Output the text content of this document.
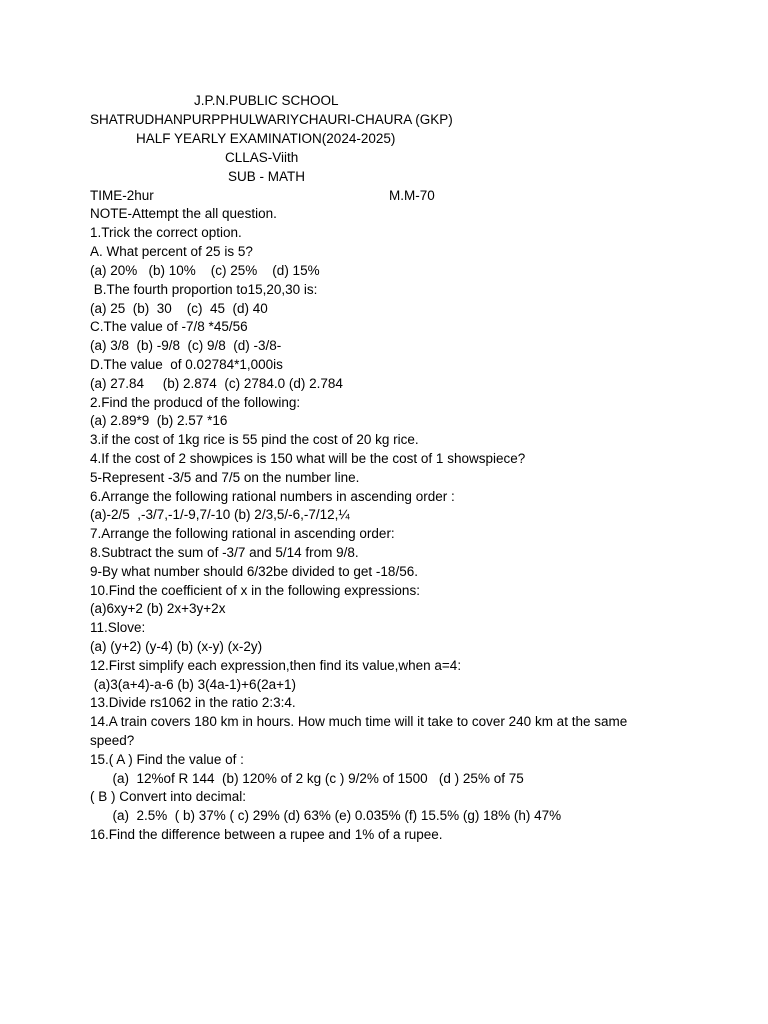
J.P.N.PUBLIC SCHOOL

SHATRUDHANPURPPHULWARIYCHAURI-CHAURA (GKP)

HALF YEARLY EXAMINATION(2024-2025)

CLLAS-Viith

SUB - MATH

TIME-2hur	M.M-70

NOTE-Attempt the all question.

1.Trick the correct option.

A. What percent of 25 is 5?

(a) 20%   (b) 10%    (c) 25%    (d) 15%

B.The fourth proportion to15,20,30 is:

(a) 25  (b)  30    (c)  45  (d) 40

C.The value of -7/8 *45/56

(a) 3/8  (b) -9/8  (c) 9/8  (d) -3/8-

D.The value  of 0.02784*1,000is

(a) 27.84     (b) 2.874  (c) 2784.0 (d) 2.784

2.Find the producd of the following:

(a) 2.89*9  (b) 2.57 *16

3.if the cost of 1kg rice is 55 pind the cost of 20 kg rice.

4.If the cost of 2 showpices is 150 what will be the cost of 1 showspiece?

5-Represent -3/5 and 7/5 on the number line.

6.Arrange the following rational numbers in ascending order :

(a)-2/5  ,-3/7,-1/-9,7/-10 (b) 2/3,5/-6,-7/12,¼

7.Arrange the following rational in ascending order:

8.Subtract the sum of -3/7 and 5/14 from 9/8.

9-By what number should 6/32be divided to get -18/56.

10.Find the coefficient of x in the following expressions:

(a)6xy+2 (b) 2x+3y+2x

11.Slove:

(a) (y+2) (y-4) (b) (x-y) (x-2y)

12.First simplify each expression,then find its value,when a=4:

(a)3(a+4)-a-6 (b) 3(4a-1)+6(2a+1)

13.Divide rs1062 in the ratio 2:3:4.

14.A train covers 180 km in hours. How much time will it take to cover 240 km at the same

speed?

15.( A ) Find the value of :

(a)  12%of R 144  (b) 120% of 2 kg (c ) 9/2% of 1500   (d ) 25% of 75

( B ) Convert into decimal:

(a)  2.5%  ( b) 37% ( c) 29% (d) 63% (e) 0.035% (f) 15.5% (g) 18% (h) 47%

16.Find the difference between a rupee and 1% of a rupee.
